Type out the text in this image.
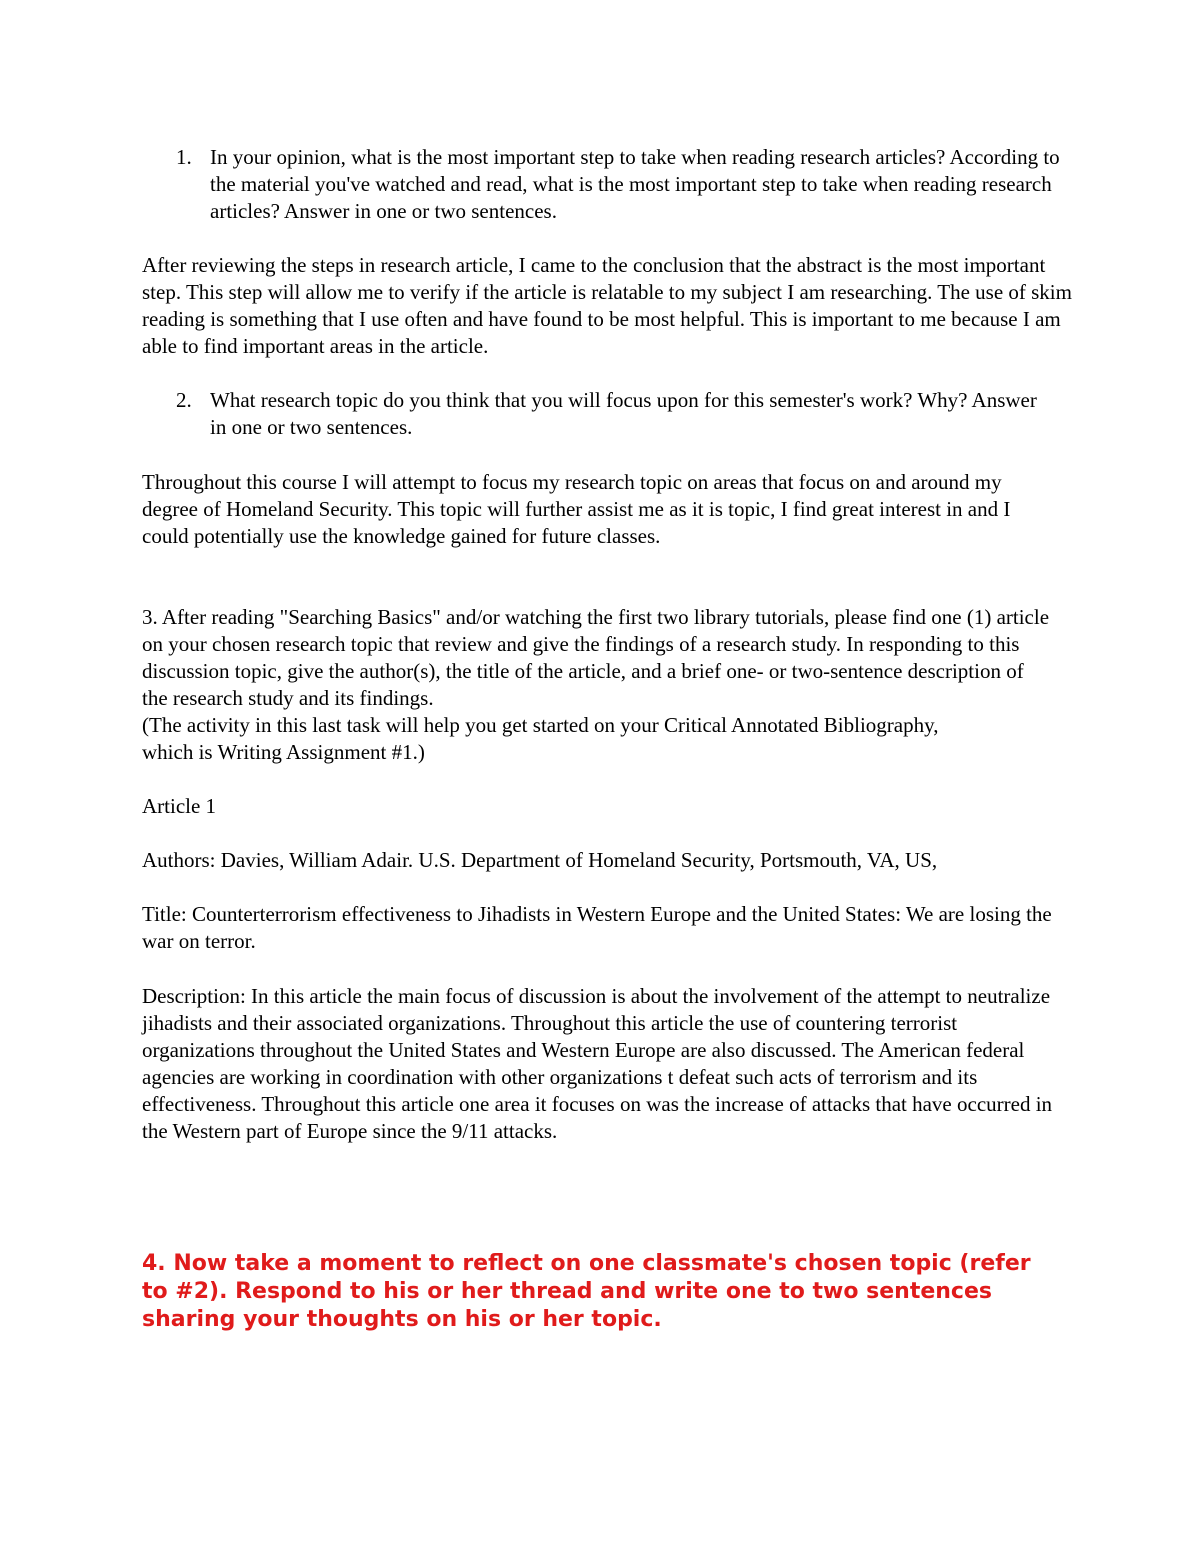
1. In your opinion, what is the most important step to take when reading research articles? According to the material you've watched and read, what is the most important step to take when reading research articles? Answer in one or two sentences.

After reviewing the steps in research article, I came to the conclusion that the abstract is the most important step. This step will allow me to verify if the article is relatable to my subject I am researching. The use of skim reading is something that I use often and have found to be most helpful. This is important to me because I am able to find important areas in the article.

2. What research topic do you think that you will focus upon for this semester's work? Why? Answer in one or two sentences.

Throughout this course I will attempt to focus my research topic on areas that focus on and around my degree of Homeland Security. This topic will further assist me as it is topic, I find great interest in and I could potentially use the knowledge gained for future classes.

3. After reading "Searching Basics" and/or watching the first two library tutorials, please find one (1) article on your chosen research topic that review and give the findings of a research study. In responding to this discussion topic, give the author(s), the title of the article, and a brief one- or two-sentence description of the research study and its findings.

(The activity in this last task will help you get started on your Critical Annotated Bibliography, which is Writing Assignment #1.)

Article 1

Authors: Davies, William Adair. U.S. Department of Homeland Security, Portsmouth, VA, US,

Title: Counterterrorism effectiveness to Jihadists in Western Europe and the United States: We are losing the war on terror.

Description: In this article the main focus of discussion is about the involvement of the attempt to neutralize jihadists and their associated organizations. Throughout this article the use of countering terrorist organizations throughout the United States and Western Europe are also discussed. The American federal agencies are working in coordination with other organizations t defeat such acts of terrorism and its effectiveness. Throughout this article one area it focuses on was the increase of attacks that have occurred in the Western part of Europe since the 9/11 attacks.

4. Now take a moment to reflect on one classmate's chosen topic (refer to #2). Respond to his or her thread and write one to two sentences sharing your thoughts on his or her topic.
